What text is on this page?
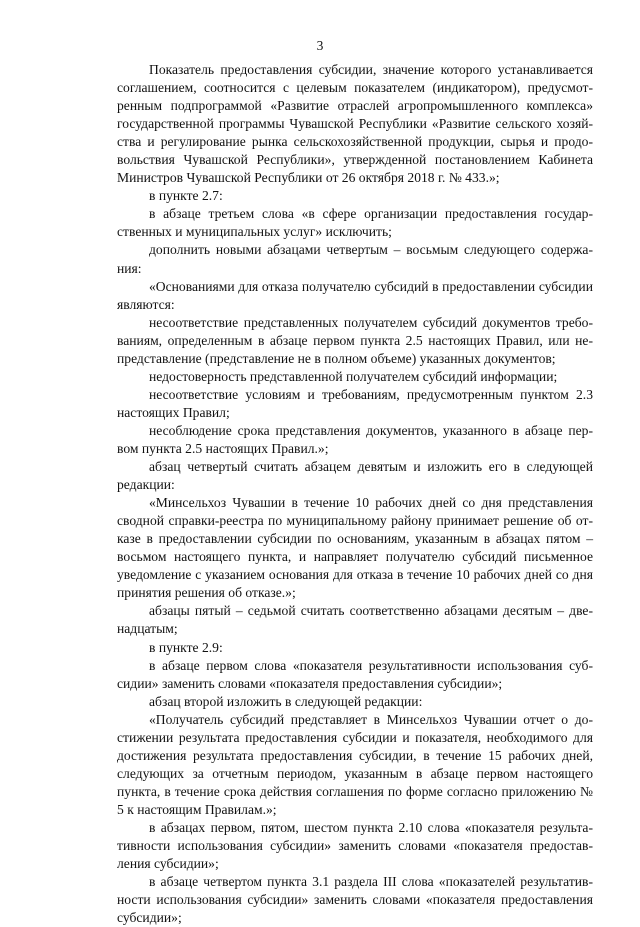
3

Показатель предоставления субсидии, значение которого устанавливается соглашением, соотносится с целевым показателем (индикатором), предусмотренным подпрограммой «Развитие отраслей агропромышленного комплекса» государственной программы Чувашской Республики «Развитие сельского хозяйства и регулирование рынка сельскохозяйственной продукции, сырья и продовольствия Чувашской Республики», утвержденной постановлением Кабинета Министров Чувашской Республики от 26 октября 2018 г. № 433.»;

в пункте 2.7:

в абзаце третьем слова «в сфере организации предоставления государственных и муниципальных услуг» исключить;

дополнить новыми абзацами четвертым – восьмым следующего содержания:

«Основаниями для отказа получателю субсидий в предоставлении субсидии являются:

несоответствие представленных получателем субсидий документов требованиям, определенным в абзаце первом пункта 2.5 настоящих Правил, или непредставление (представление не в полном объеме) указанных документов;

недостоверность представленной получателем субсидий информации;

несоответствие условиям и требованиям, предусмотренным пунктом 2.3 настоящих Правил;

несоблюдение срока представления документов, указанного в абзаце первом пункта 2.5 настоящих Правил.»;

абзац четвертый считать абзацем девятым и изложить его в следующей редакции:

«Минсельхоз Чувашии в течение 10 рабочих дней со дня представления сводной справки-реестра по муниципальному району принимает решение об отказе в предоставлении субсидии по основаниям, указанным в абзацах пятом – восьмом настоящего пункта, и направляет получателю субсидий письменное уведомление с указанием основания для отказа в течение 10 рабочих дней со дня принятия решения об отказе.»;

абзацы пятый – седьмой считать соответственно абзацами десятым – двенадцатым;

в пункте 2.9:

в абзаце первом слова «показателя результативности использования субсидии» заменить словами «показателя предоставления субсидии»;

абзац второй изложить в следующей редакции:

«Получатель субсидий представляет в Минсельхоз Чувашии отчет о достижении результата предоставления субсидии и показателя, необходимого для достижения результата предоставления субсидии, в течение 15 рабочих дней, следующих за отчетным периодом, указанным в абзаце первом настоящего пункта, в течение срока действия соглашения по форме согласно приложению № 5 к настоящим Правилам.»;

в абзацах первом, пятом, шестом пункта 2.10 слова «показателя результативности использования субсидии» заменить словами «показателя предоставления субсидии»;

в абзаце четвертом пункта 3.1 раздела III слова «показателей результативности использования субсидии» заменить словами «показателя предоставления субсидии»;
